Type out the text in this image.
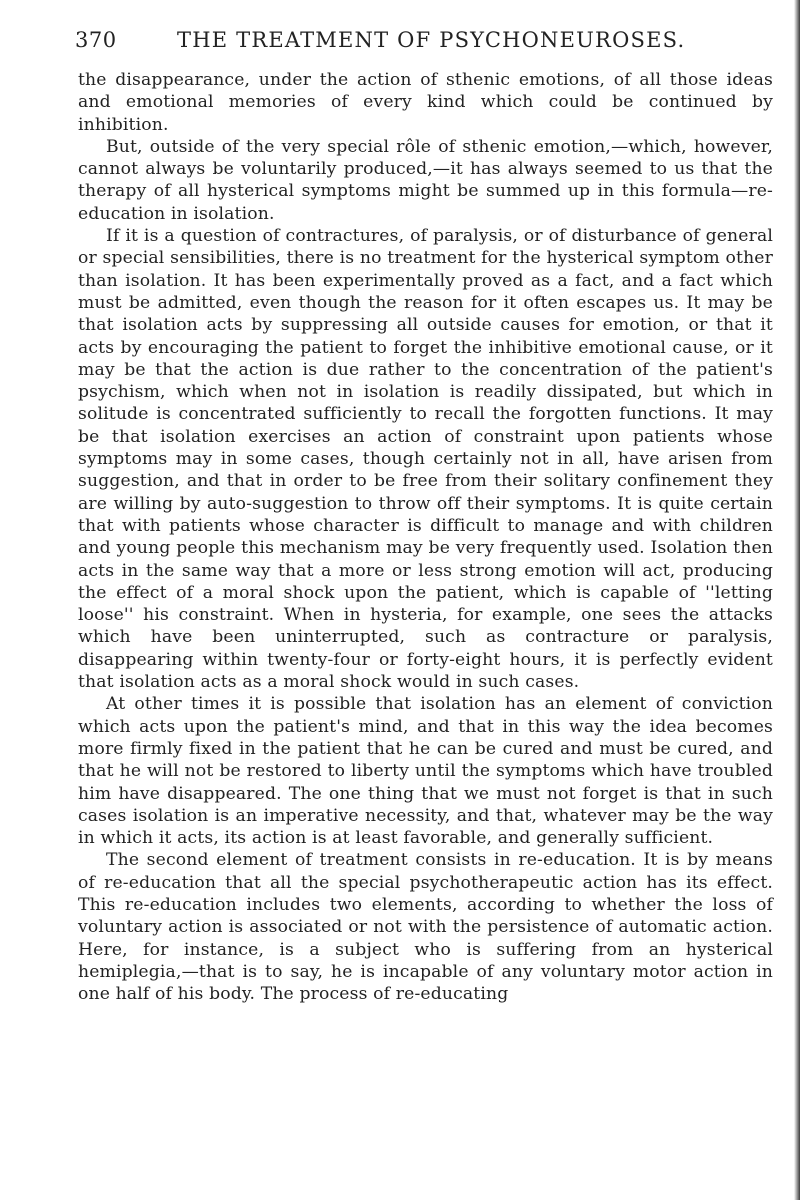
370	THE TREATMENT OF PSYCHONEUROSES.

the disappearance, under the action of sthenic emotions, of all those ideas and emotional memories of every kind which could be continued by inhibition.

But, outside of the very special rôle of sthenic emotion,—which, however, cannot always be voluntarily produced,—it has always seemed to us that the therapy of all hysterical symptoms might be summed up in this formula—re-education in isolation.

If it is a question of contractures, of paralysis, or of disturbance of general or special sensibilities, there is no treatment for the hysterical symptom other than isolation. It has been experimentally proved as a fact, and a fact which must be admitted, even though the reason for it often escapes us. It may be that isolation acts by suppressing all outside causes for emotion, or that it acts by encouraging the patient to forget the inhibitive emotional cause, or it may be that the action is due rather to the concentration of the patient's psychism, which when not in isolation is readily dissipated, but which in solitude is concentrated sufficiently to recall the forgotten functions. It may be that isolation exercises an action of constraint upon patients whose symptoms may in some cases, though certainly not in all, have arisen from suggestion, and that in order to be free from their solitary confinement they are willing by auto-suggestion to throw off their symptoms. It is quite certain that with patients whose character is difficult to manage and with children and young people this mechanism may be very frequently used. Isolation then acts in the same way that a more or less strong emotion will act, producing the effect of a moral shock upon the patient, which is capable of ''letting loose'' his constraint. When in hysteria, for example, one sees the attacks which have been uninterrupted, such as contracture or paralysis, disappearing within twenty-four or forty-eight hours, it is perfectly evident that isolation acts as a moral shock would in such cases.

At other times it is possible that isolation has an element of conviction which acts upon the patient's mind, and that in this way the idea becomes more firmly fixed in the patient that he can be cured and must be cured, and that he will not be restored to liberty until the symptoms which have troubled him have disappeared. The one thing that we must not forget is that in such cases isolation is an imperative necessity, and that, whatever may be the way in which it acts, its action is at least favorable, and generally sufficient.

The second element of treatment consists in re-education. It is by means of re-education that all the special psychotherapeutic action has its effect. This re-education includes two elements, according to whether the loss of voluntary action is associated or not with the persistence of automatic action. Here, for instance, is a subject who is suffering from an hysterical hemiplegia,—that is to say, he is incapable of any voluntary motor action in one half of his body. The process of re-educating
